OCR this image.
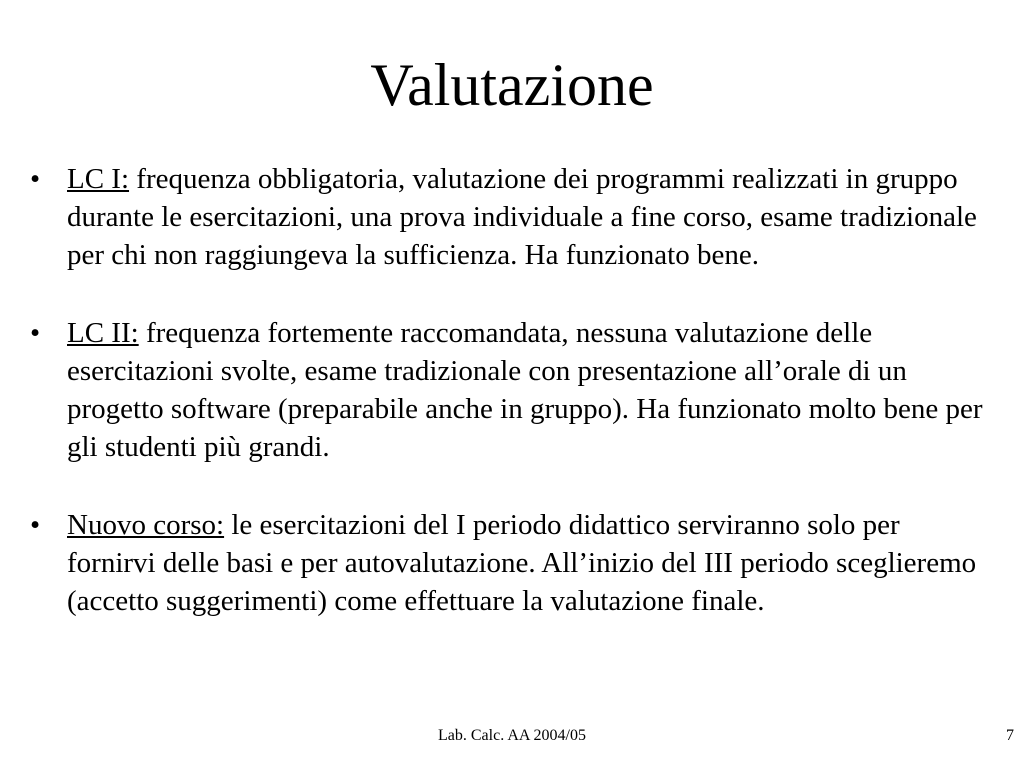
Valutazione
• LC I: frequenza obbligatoria, valutazione dei programmi realizzati in gruppo durante le esercitazioni, una prova individuale a fine corso, esame tradizionale per chi non raggiungeva la sufficienza. Ha funzionato bene.
• LC II: frequenza fortemente raccomandata, nessuna valutazione delle esercitazioni svolte, esame tradizionale con presentazione all’orale di un progetto software (preparabile anche in gruppo). Ha funzionato molto bene per gli studenti più grandi.
• Nuovo corso: le esercitazioni del I periodo didattico serviranno solo per fornirvi delle basi e per autovalutazione. All’inizio del III periodo sceglieremo (accetto suggerimenti) come effettuare la valutazione finale.
Lab. Calc. AA 2004/05	7
